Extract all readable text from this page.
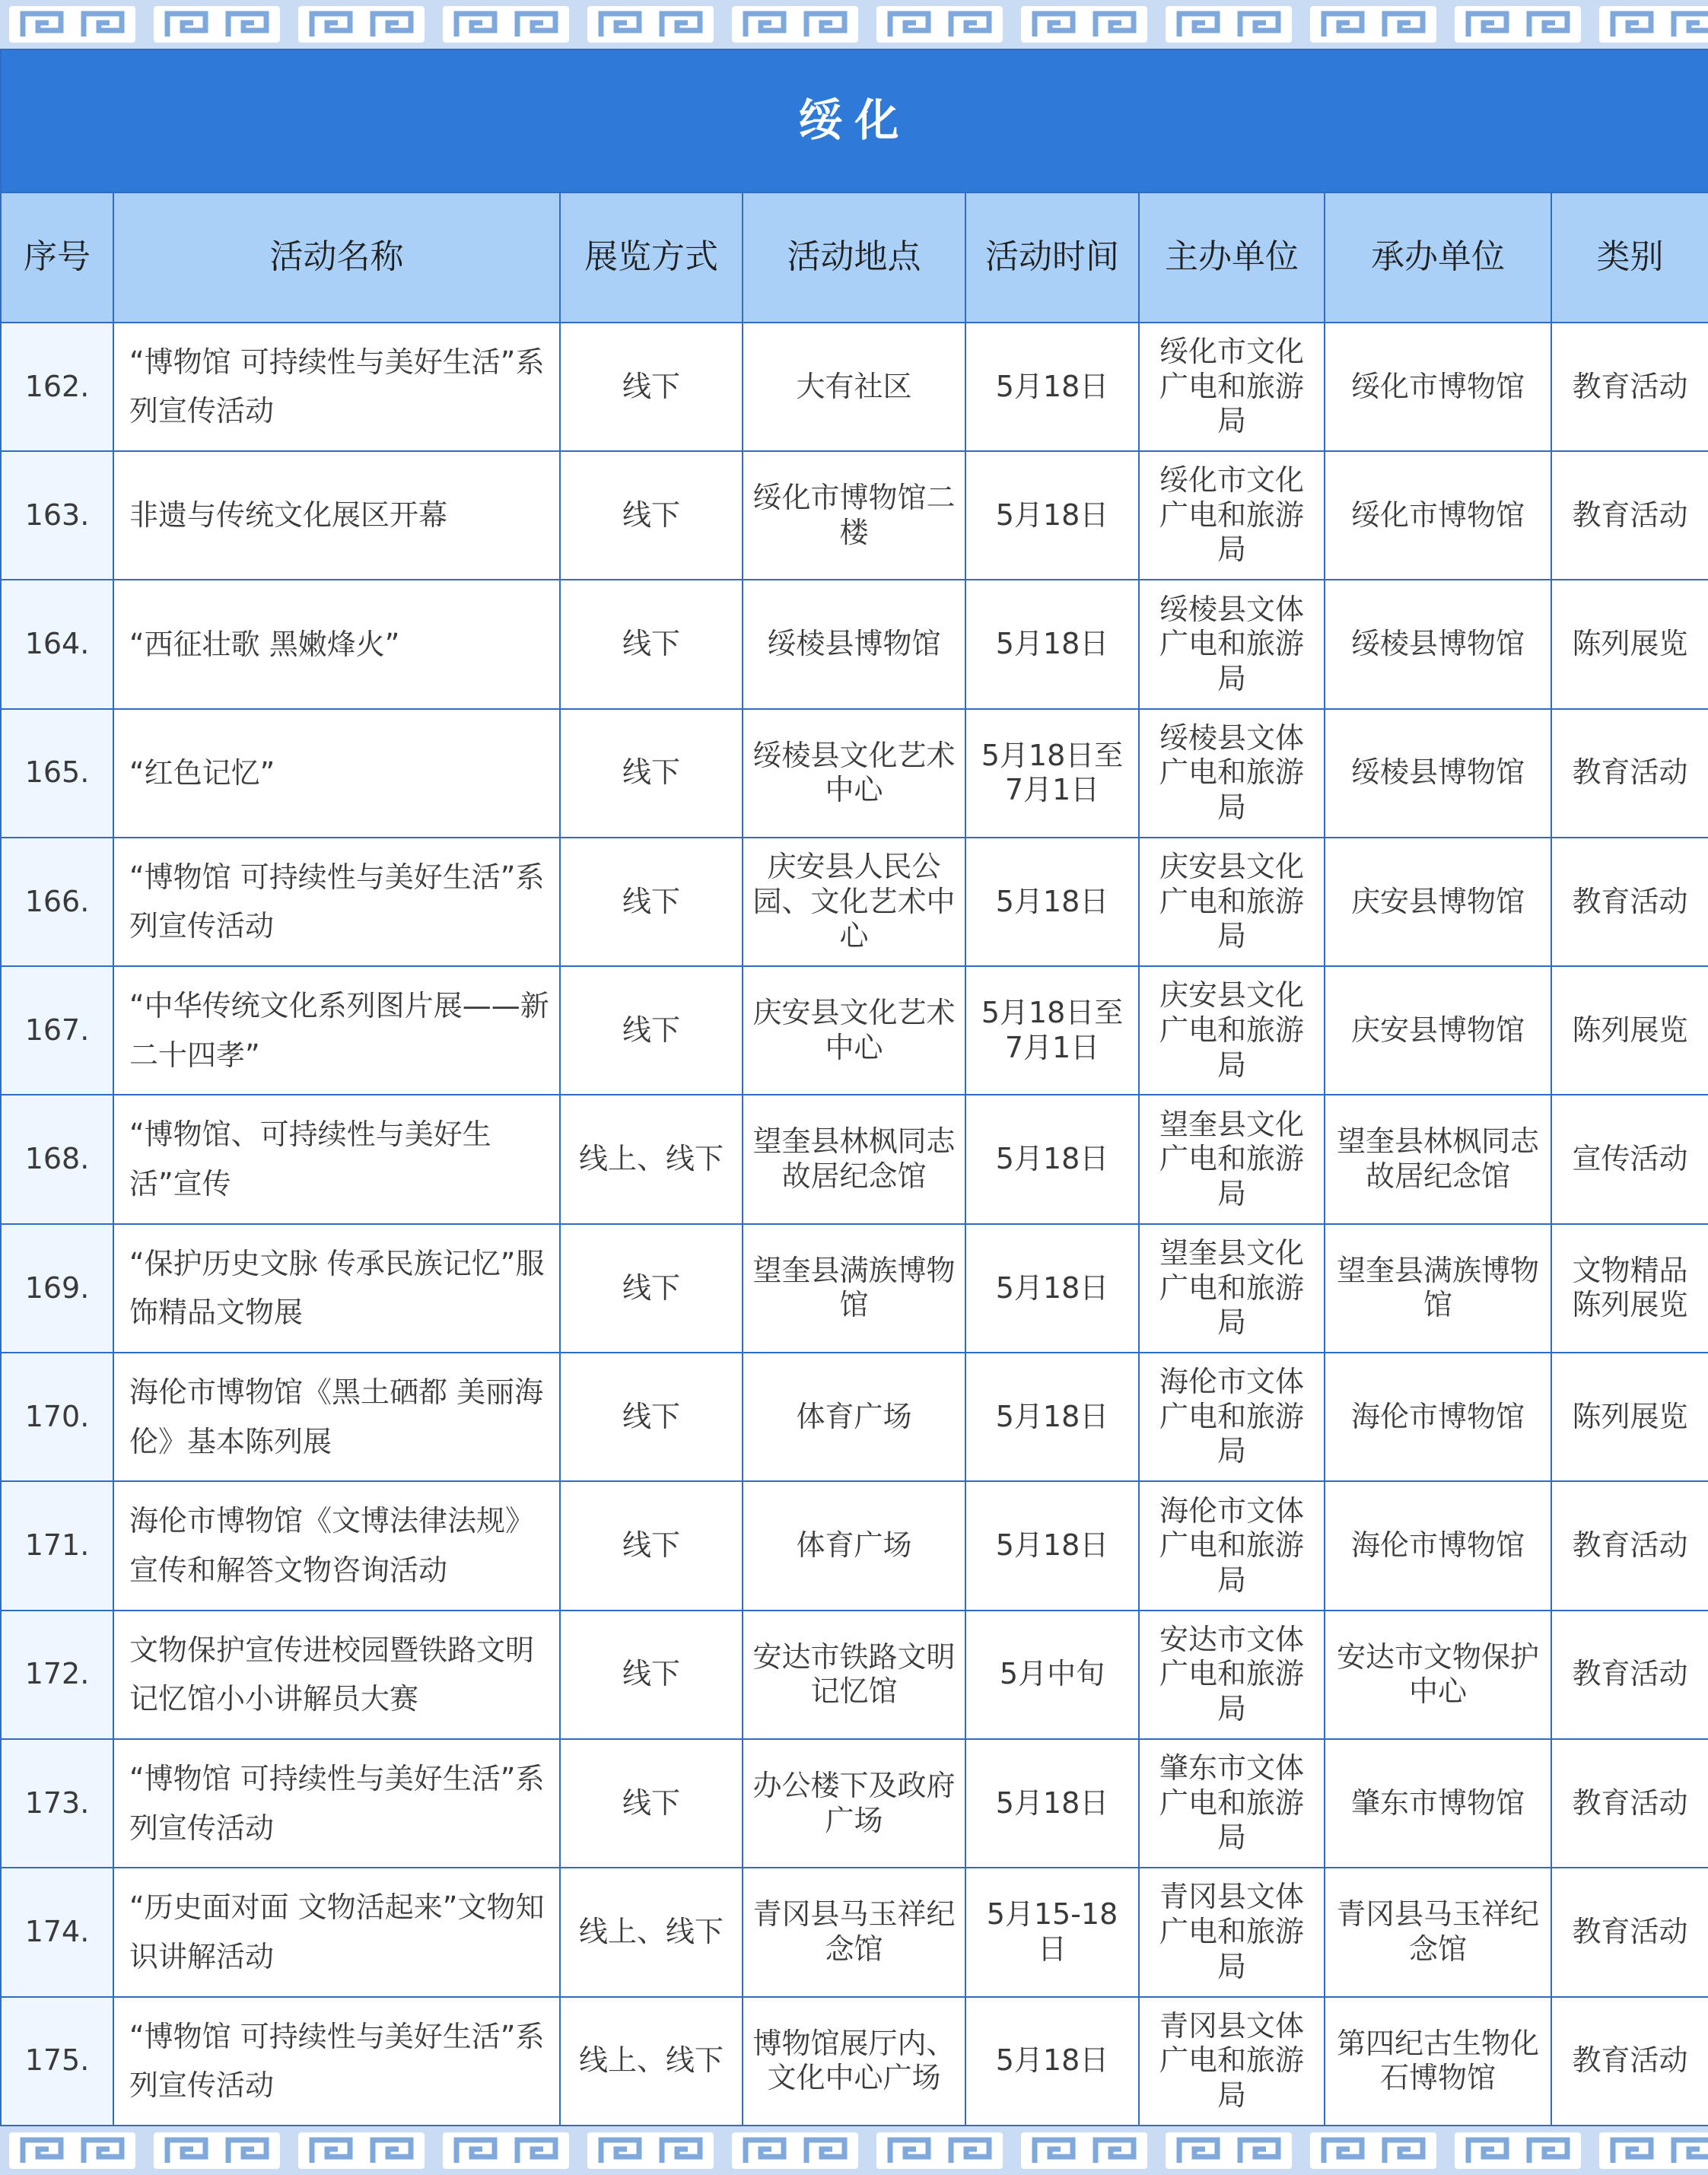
绥化							
序号	活动名称	展览方式	活动地点	活动时间	主办单位	承办单位	类别
162.	“博物馆 可持续性与美好生活”系列宣传活动	线下	大有社区	5月18日	绥化市文化广电和旅游局	绥化市博物馆	教育活动
163.	非遗与传统文化展区开幕	线下	绥化市博物馆二楼	5月18日	绥化市文化广电和旅游局	绥化市博物馆	教育活动
164.	“西征壮歌 黑嫩烽火”	线下	绥棱县博物馆	5月18日	绥棱县文体广电和旅游局	绥棱县博物馆	陈列展览
165.	“红色记忆”	线下	绥棱县文化艺术中心	5月18日至7月1日	绥棱县文体广电和旅游局	绥棱县博物馆	教育活动
166.	“博物馆 可持续性与美好生活”系列宣传活动	线下	庆安县人民公园、文化艺术中心	5月18日	庆安县文化广电和旅游局	庆安县博物馆	教育活动
167.	“中华传统文化系列图片展——新二十四孝”	线下	庆安县文化艺术中心	5月18日至7月1日	庆安县文化广电和旅游局	庆安县博物馆	陈列展览
168.	“博物馆、可持续性与美好生活”宣传	线上、线下	望奎县林枫同志故居纪念馆	5月18日	望奎县文化广电和旅游局	望奎县林枫同志故居纪念馆	宣传活动
169.	“保护历史文脉 传承民族记忆”服饰精品文物展	线下	望奎县满族博物馆	5月18日	望奎县文化广电和旅游局	望奎县满族博物馆	文物精品陈列展览
170.	海伦市博物馆《黑土硒都 美丽海伦》基本陈列展	线下	体育广场	5月18日	海伦市文体广电和旅游局	海伦市博物馆	陈列展览
171.	海伦市博物馆《文博法律法规》宣传和解答文物咨询活动	线下	体育广场	5月18日	海伦市文体广电和旅游局	海伦市博物馆	教育活动
172.	文物保护宣传进校园暨铁路文明记忆馆小小讲解员大赛	线下	安达市铁路文明记忆馆	5月中旬	安达市文体广电和旅游局	安达市文物保护中心	教育活动
173.	“博物馆 可持续性与美好生活”系列宣传活动	线下	办公楼下及政府广场	5月18日	肇东市文体广电和旅游局	肇东市博物馆	教育活动
174.	“历史面对面 文物活起来”文物知识讲解活动	线上、线下	青冈县马玉祥纪念馆	5月15-18日	青冈县文体广电和旅游局	青冈县马玉祥纪念馆	教育活动
175.	“博物馆 可持续性与美好生活”系列宣传活动	线上、线下	博物馆展厅内、文化中心广场	5月18日	青冈县文体广电和旅游局	第四纪古生物化石博物馆	教育活动
